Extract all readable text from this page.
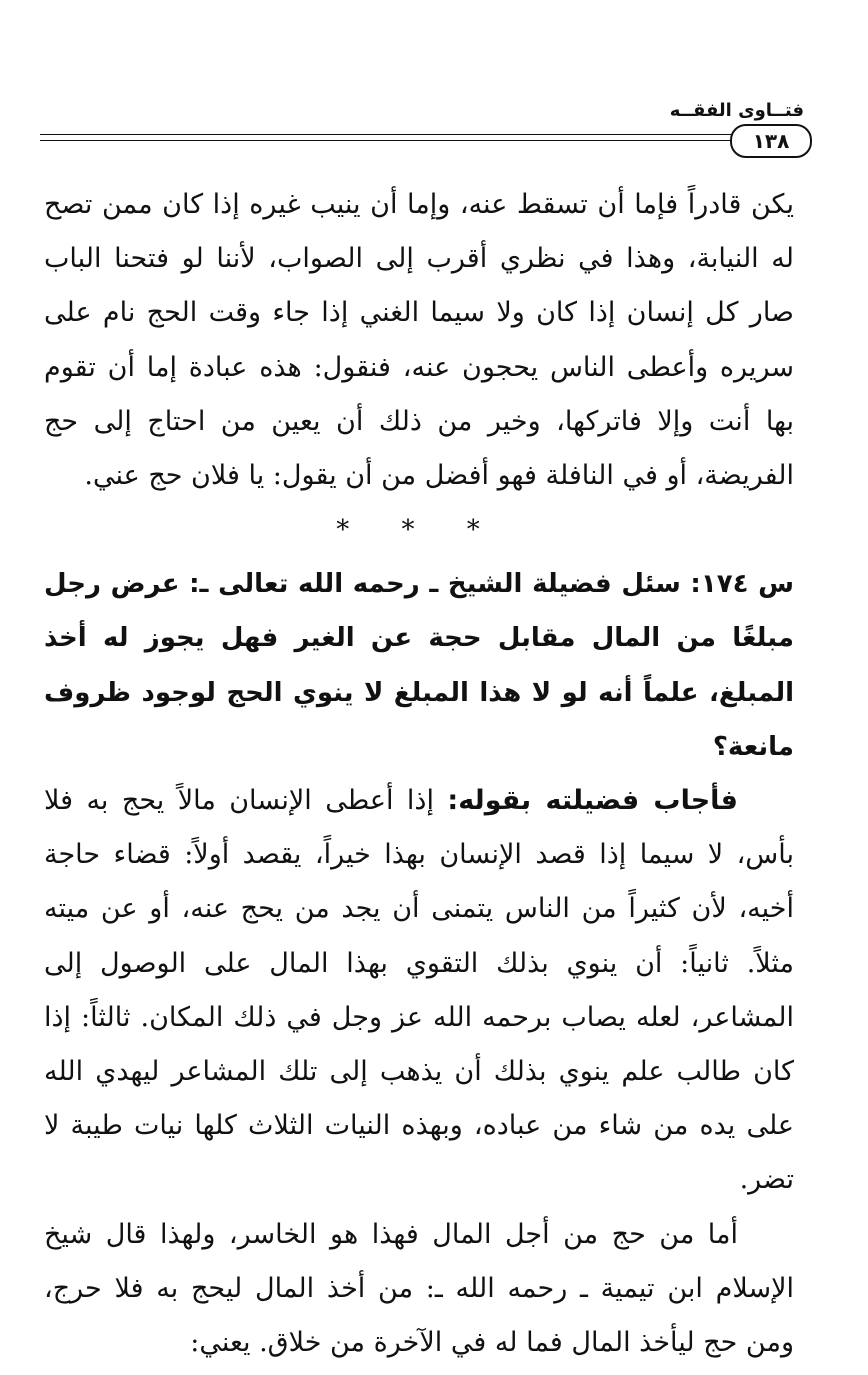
فتــاوى الفقــه
١٣٨

يكن قادراً فإما أن تسقط عنه، وإما أن ينيب غيره إذا كان ممن تصح له النيابة، وهذا في نظري أقرب إلى الصواب، لأننا لو فتحنا الباب صار كل إنسان إذا كان ولا سيما الغني إذا جاء وقت الحج نام على سريره وأعطى الناس يحجون عنه، فنقول: هذه عبادة إما أن تقوم بها أنت وإلا فاتركها، وخير من ذلك أن يعين من احتاج إلى حج الفريضة، أو في النافلة فهو أفضل من أن يقول: يا فلان حج عني.

* * *

س ١٧٤: سئل فضيلة الشيخ ـ رحمه الله تعالى ـ: عرض رجل مبلغًا من المال مقابل حجة عن الغير فهل يجوز له أخذ المبلغ، علماً أنه لو لا هذا المبلغ لا ينوي الحج لوجود ظروف مانعة؟

فأجاب فضيلته بقوله: إذا أعطى الإنسان مالاً يحج به فلا بأس، لا سيما إذا قصد الإنسان بهذا خيراً، يقصد أولاً: قضاء حاجة أخيه، لأن كثيراً من الناس يتمنى أن يجد من يحج عنه، أو عن ميته مثلاً. ثانياً: أن ينوي بذلك التقوي بهذا المال على الوصول إلى المشاعر، لعله يصاب برحمه الله عز وجل في ذلك المكان. ثالثاً: إذا كان طالب علم ينوي بذلك أن يذهب إلى تلك المشاعر ليهدي الله على يده من شاء من عباده، وبهذه النيات الثلاث كلها نيات طيبة لا تضر.

أما من حج من أجل المال فهذا هو الخاسر، ولهذا قال شيخ الإسلام ابن تيمية ـ رحمه الله ـ: من أخذ المال ليحج به فلا حرج، ومن حج ليأخذ المال فما له في الآخرة من خلاق. يعني:
